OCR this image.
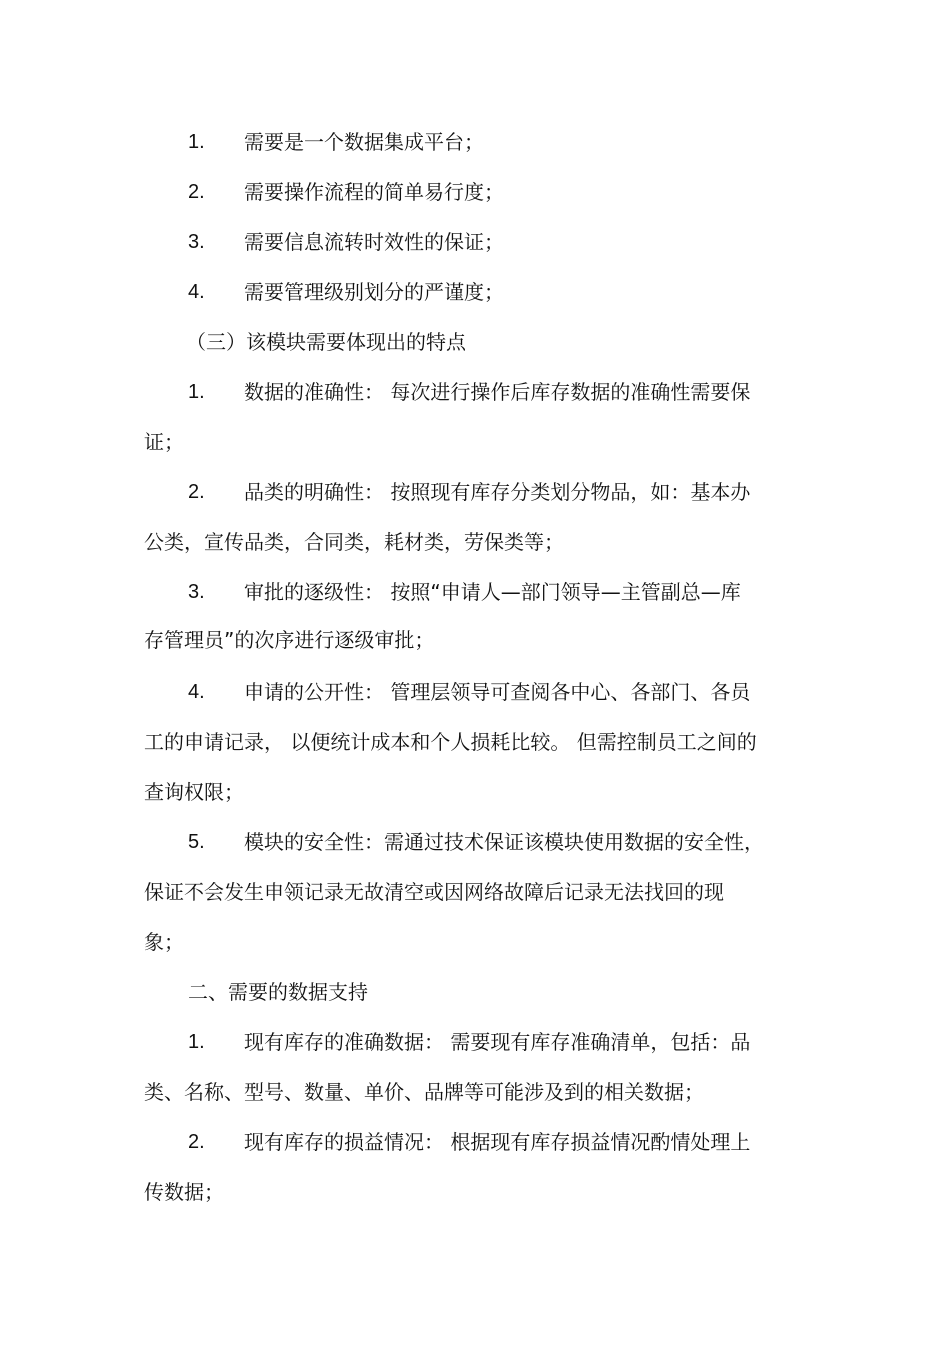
1. 需要是一个数据集成平台；
2. 需要操作流程的简单易行度；
3. 需要信息流转时效性的保证；
4. 需要管理级别划分的严谨度；
（三）该模块需要体现出的特点
1. 数据的准确性： 每次进行操作后库存数据的准确性需要保
证；
2. 品类的明确性： 按照现有库存分类划分物品，如：基本办
公类，宣传品类，合同类，耗材类，劳保类等；
3. 审批的逐级性： 按照“申请人—部门领导—主管副总—库
存管理员”的次序进行逐级审批；
4. 申请的公开性： 管理层领导可查阅各中心、各部门、各员
工的申请记录， 以便统计成本和个人损耗比较。 但需控制员工之间的
查询权限；
5. 模块的安全性：需通过技术保证该模块使用数据的安全性，
保证不会发生申领记录无故清空或因网络故障后记录无法找回的现
象；
二、需要的数据支持
1. 现有库存的准确数据： 需要现有库存准确清单，包括：品
类、名称、型号、数量、单价、品牌等可能涉及到的相关数据；
2. 现有库存的损益情况： 根据现有库存损益情况酌情处理上
传数据；
